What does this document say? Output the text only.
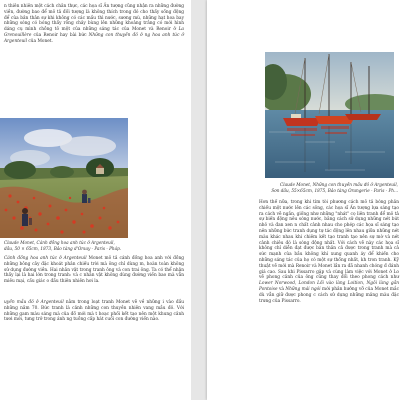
n thiên nhiên một cách chân thực, các họa sĩ Ấn tượng cũng nhận ra những đường viền, đường bao để mô tả đối tượng là không thích trong đó cho thấy sống động để của bản thân sự khi không có các mầu thì nước, sương mù, những hạt hoa bay những sóng có bóng thấy rõng chảy bùng lên những khoảng trắng có mới hình dáng cụ mình chồng tô một của những sáng tác của Monet và Renoir ở La Grenouillère của Renoir hay bài bức Những con thuyền đỏ ở ng hoa anh túc ở Argenteuil của Monet.

Claude Monet, Cánh đồng hoa anh túc ở Argenteuil,
dầu, 50 × 65cm, 1873, Bảo tàng d'Orsay - Paris - Pháp.

Cánh đồng hoa anh túc ở Argenteuil Monet mô tả cánh đồng hoa anh với đồng những bông cây đặc khoát phản chiếu trời mà ông chỉ dùng m, hoàn toàn không sử dụng đường viền. Hai nhân vật trong tranh ông và con trai ông. Ta có thể nhận thấy lại là hai lớn trong tranh: và c nhân vật không dùng đường viền bao mà vẫn miêu mại, cấu giác o đầu thiên nhiên hơi la.

uyền mầu đỏ ở Argenteuil nằm trong loạt tranh Monet vẽ về những i vào đầu những năm 70. Bức tranh là cảnh những con thuyền nhiên vang mầu đỏ. Với những gam màu sáng mà của đồ mới mà t hoạc phối kết tạo nên một khung cảnh tươi mới, tưng trở trong ánh ng tuồng cấp hát cuối con đường viền nào.

Claude Monet, Những con thuyền mầu đỏ ở Argenteuil,
Sơn dầu, 55×65cm, 1875, Bảo tàng Orangerie - Paris - Ph...

Hơn thế nữa, trong khi tìm tòi phương cách mô tả bóng phản chiếu một nước lên các sông, các họa sĩ Ấn tượng lựa sáng tạo ra cách vẽ ngắn, giống như những "nhát" cọ liên tranh để mô tả sự biến động nêu sóng nước, bằng cách sử dụng những nét bút nhỏ và đan xen n chất cảnh nhau cho phép các họa sĩ sáng tạo nên những bức tranh dụng tự tác động lên nhau giữa những nét màu khác nhau khi chiêm kết tạo tranh tạo nên sự mờ và nét cảnh chiêu đó là sóng động nhất. Với cách vẽ này các họa sĩ không chỉ diễn đạt được bản thân cả được trong tranh mà cả sức mạnh của bầu không khí xung quanh áy để khiến cho những sáng tác của họ có một sự thống nhất, kh tron tranh. Kỹ thuật vẽ mới mà Renoir và Monet lần ra đã nhanh chóng đ đánh giá cao. Sau khi Pissarro gặp và cùng làm việc với Monet ở Lo vẽ phong cảnh của ông cũng thay đổi theo phong cách như Lower Norwood, London Lối vào làng Loition, Ngôi làng gần Pontoise và Những mái ngói mới phản hưởng vỡ của Monet mắc dù vẫn giữ được phong c cách sử dụng những mảng màu đặc trưng của Pissarro.
